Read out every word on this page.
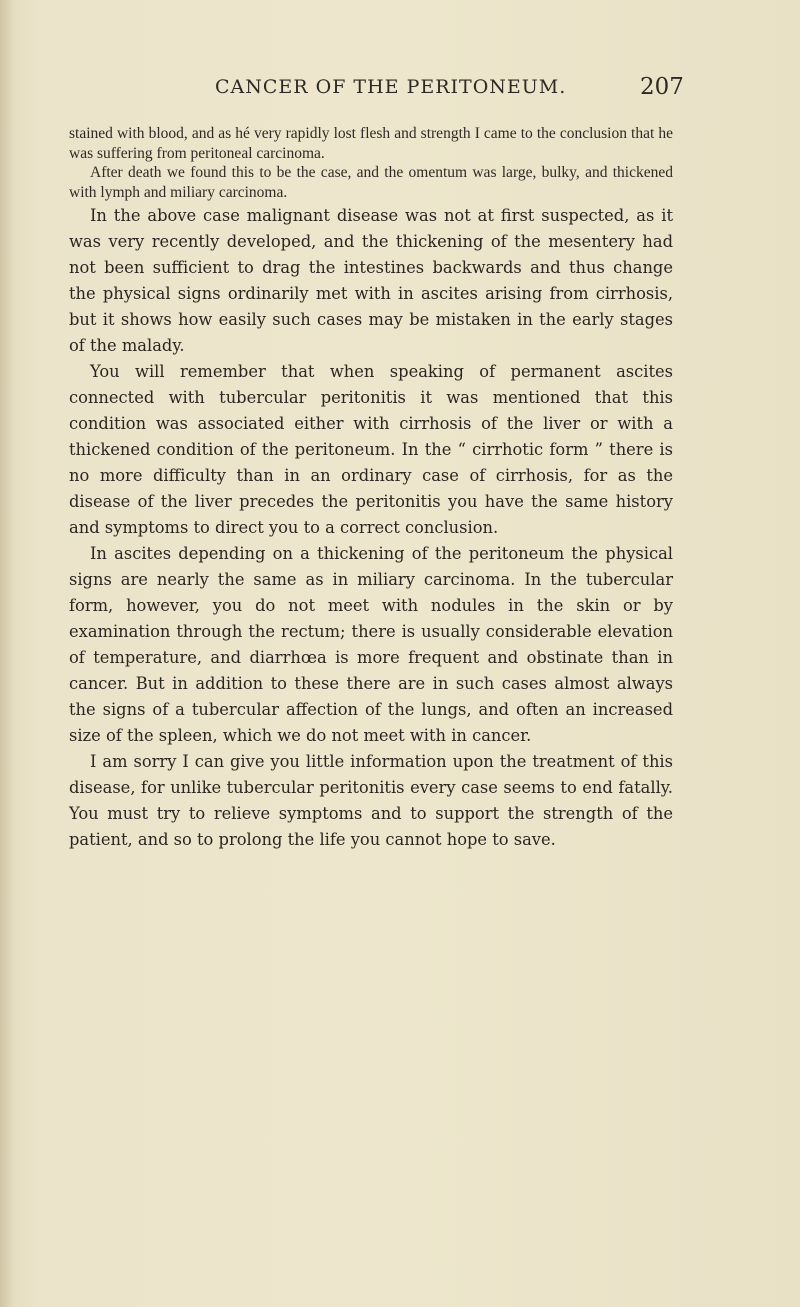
CANCER OF THE PERITONEUM.	207

stained with blood, and as hé very rapidly lost flesh and strength I came to the conclusion that he was suffering from peritoneal carcinoma.

After death we found this to be the case, and the omentum was large, bulky, and thickened with lymph and miliary carcinoma.

In the above case malignant disease was not at first suspected, as it was very recently developed, and the thickening of the mesentery had not been sufficient to drag the intestines backwards and thus change the physical signs ordinarily met with in ascites arising from cirrhosis, but it shows how easily such cases may be mistaken in the early stages of the malady.

You will remember that when speaking of permanent ascites connected with tubercular peritonitis it was mentioned that this condition was associated either with cirrhosis of the liver or with a thickened condition of the peritoneum. In the “ cirrhotic form ” there is no more difficulty than in an ordinary case of cirrhosis, for as the disease of the liver precedes the peritonitis you have the same history and symptoms to direct you to a correct conclusion.

In ascites depending on a thickening of the peritoneum the physical signs are nearly the same as in miliary carcinoma. In the tubercular form, however, you do not meet with nodules in the skin or by examination through the rectum; there is usually considerable elevation of temperature, and diarrhœa is more frequent and obstinate than in cancer. But in addition to these there are in such cases almost always the signs of a tubercular affection of the lungs, and often an increased size of the spleen, which we do not meet with in cancer.

I am sorry I can give you little information upon the treatment of this disease, for unlike tubercular peritonitis every case seems to end fatally. You must try to relieve symptoms and to support the strength of the patient, and so to prolong the life you cannot hope to save.
